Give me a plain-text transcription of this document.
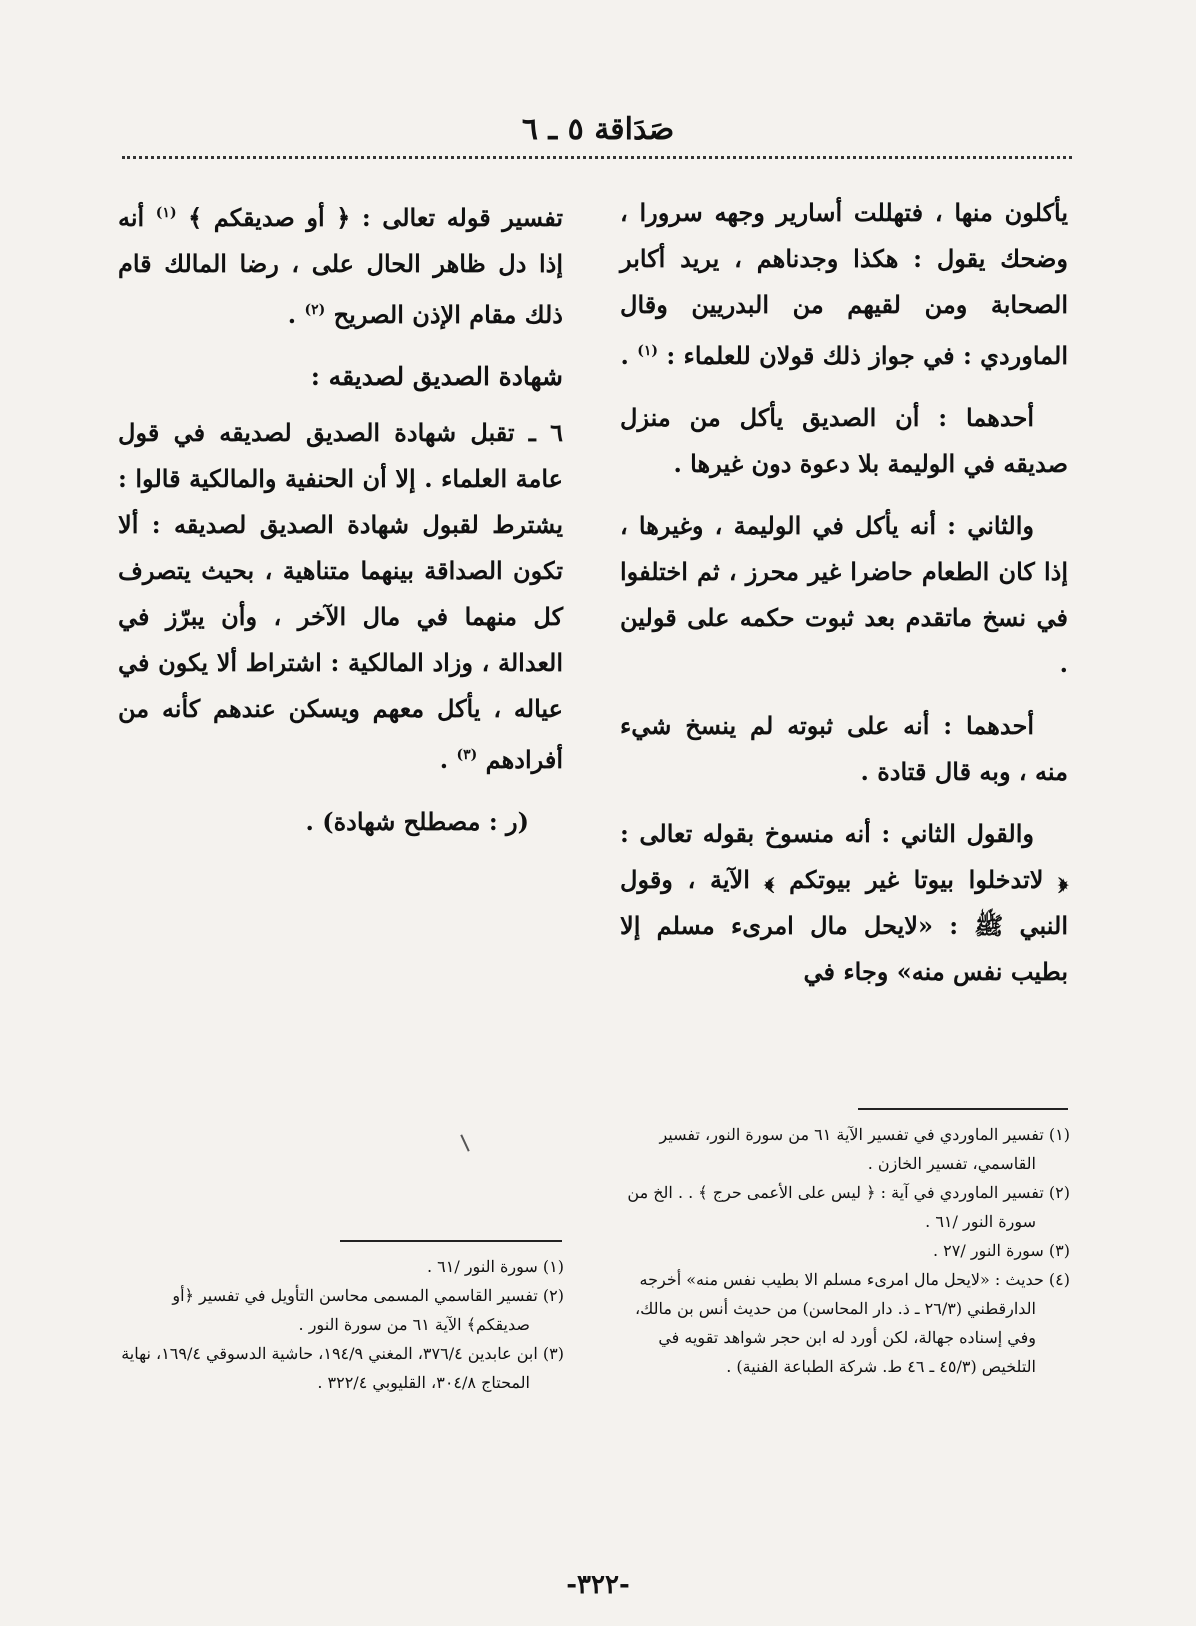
صَدَاقة ٥ ـ ٦

يأكلون منها ، فتهللت أسارير وجهه سرورا ، وضحك يقول : هكذا وجدناهم ، يريد أكابر الصحابة ومن لقيهم من البدريين وقال الماوردي : في جواز ذلك قولان للعلماء : $^{(١)}$ .

أحدهما : أن الصديق يأكل من منزل صديقه في الوليمة بلا دعوة دون غيرها .

والثاني : أنه يأكل في الوليمة ، وغيرها ، إذا كان الطعام حاضرا غير محرز ، ثم اختلفوا في نسخ ماتقدم بعد ثبوت حكمه على قولين .

أحدهما : أنه على ثبوته لم ينسخ شيء منه ، وبه قال قتادة .

والقول الثاني : أنه منسوخ بقوله تعالى : ﴿ لاتدخلوا بيوتا غير بيوتكم ﴾ الآية ، وقول النبي ﷺ : «لايحل مال امرىء مسلم إلا بطيب نفس منه» وجاء في

تفسير قوله تعالى : ﴿ أو صديقكم ﴾ $^{(١)}$ أنه إذا دل ظاهر الحال على ، رضا المالك قام ذلك مقام الإذن الصريح $^{(٢)}$ .

شهادة الصديق لصديقه :

٦ ـ تقبل شهادة الصديق لصديقه في قول عامة العلماء . إلا أن الحنفية والمالكية قالوا : يشترط لقبول شهادة الصديق لصديقه : ألا تكون الصداقة بينهما متناهية ، بحيث يتصرف كل منهما في مال الآخر ، وأن يبرّز في العدالة ، وزاد المالكية : اشتراط ألا يكون في عياله ، يأكل معهم ويسكن عندهم كأنه من أفرادهم $^{(٣)}$ .

(ر : مصطلح شهادة) .

(١) تفسير الماوردي في تفسير الآية ٦١ من سورة النور، تفسير القاسمي، تفسير الخازن .
(٢) تفسير الماوردي في آية : ﴿ ليس على الأعمى حرج ﴾ . . الخ من سورة النور /٦١ .
(٣) سورة النور /٢٧ .
(٤) حديث : «لايحل مال امرىء مسلم الا بطيب نفس منه» أخرجه الدارقطني (٢٦/٣ ـ ذ. دار المحاسن) من حديث أنس بن مالك، وفي إسناده جهالة، لكن أورد له ابن حجر شواهد تقويه في التلخيص (٤٥/٣ ـ ٤٦ ط. شركة الطباعة الفنية) .
(١) سورة النور /٦١ .
(٢) تفسير القاسمي المسمى محاسن التأويل في تفسير ﴿أو صديقكم﴾ الآية ٦١ من سورة النور .
(٣) ابن عابدين ٣٧٦/٤، المغني ١٩٤/٩، حاشية الدسوقي ١٦٩/٤، نهاية المحتاج ٣٠٤/٨، القليوبي ٣٢٢/٤ .
-٣٢٢-
